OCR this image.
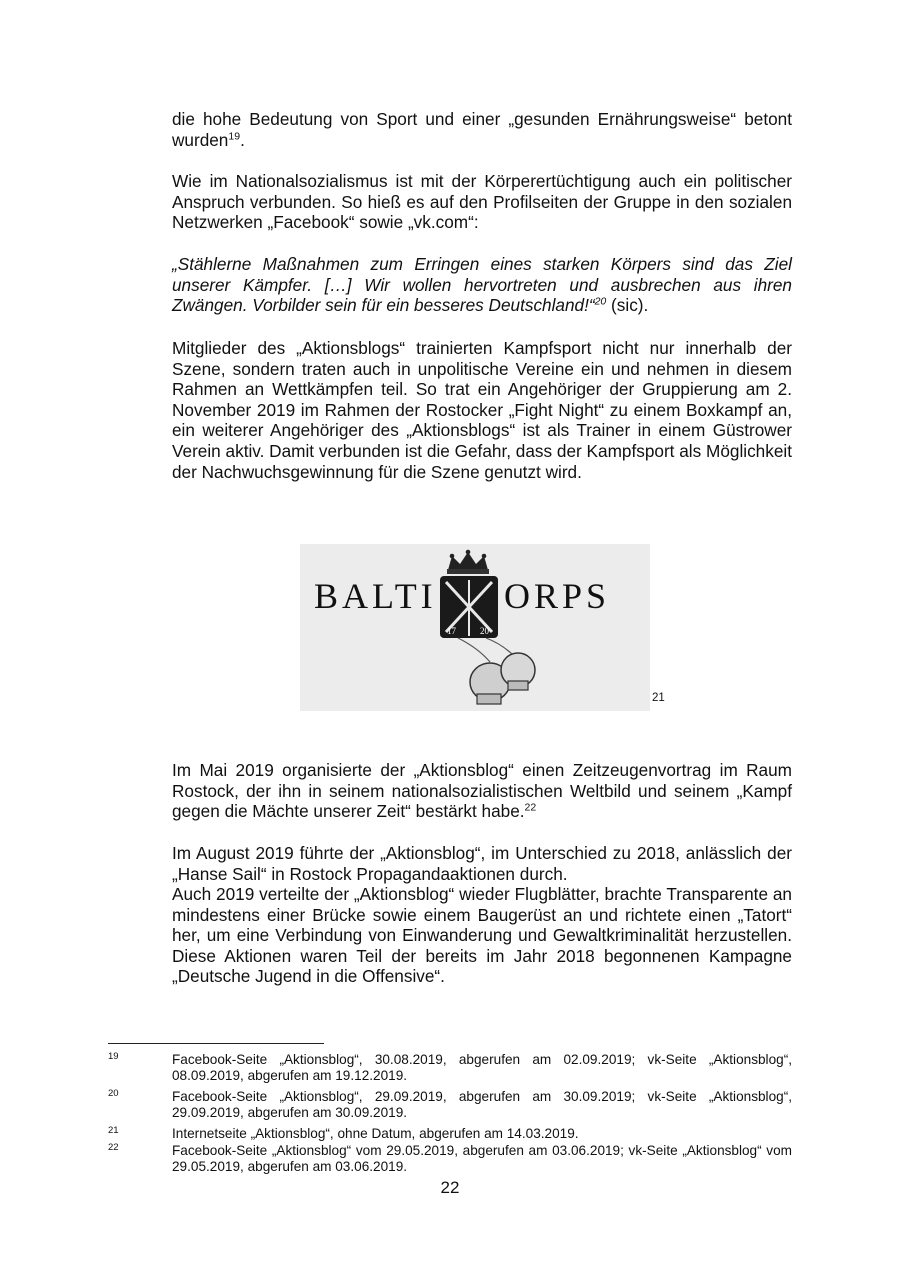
die hohe Bedeutung von Sport und einer „gesunden Ernährungsweise“ betont wurden$^{19}$.

Wie im Nationalsozialismus ist mit der Körperertüchtigung auch ein politischer Anspruch verbunden. So hieß es auf den Profilseiten der Gruppe in den sozialen Netzwerken „Facebook“ sowie „vk.com“:

„Stählerne Maßnahmen zum Erringen eines starken Körpers sind das Ziel unserer Kämpfer. […] Wir wollen hervortreten und ausbrechen aus ihren Zwängen. Vorbilder sein für ein besseres Deutschland!“$^{20}$ (sic).

Mitglieder des „Aktionsblogs“ trainierten Kampfsport nicht nur innerhalb der Szene, sondern traten auch in unpolitische Vereine ein und nehmen in diesem Rahmen an Wettkämpfen teil. So trat ein Angehöriger der Gruppierung am 2. November 2019 im Rahmen der Rostocker „Fight Night“ zu einem Boxkampf an, ein weiterer Angehöriger des „Aktionsblogs“ ist als Trainer in einem Güstrower Verein aktiv. Damit verbunden ist die Gefahr, dass der Kampfsport als Möglichkeit der Nachwuchsgewinnung für die Szene genutzt wird.

BALTI
17	20
ORPS
21

Im Mai 2019 organisierte der „Aktionsblog“ einen Zeitzeugenvortrag im Raum Rostock, der ihn in seinem nationalsozialistischen Weltbild und seinem „Kampf gegen die Mächte unserer Zeit“ bestärkt habe.$^{22}$

Im August 2019 führte der „Aktionsblog“, im Unterschied zu 2018, anlässlich der „Hanse Sail“ in Rostock Propagandaaktionen durch.

Auch 2019 verteilte der „Aktionsblog“ wieder Flugblätter, brachte Transparente an mindestens einer Brücke sowie einem Baugerüst an und richtete einen „Tatort“ her, um eine Verbindung von Einwanderung und Gewaltkriminalität herzustellen. Diese Aktionen waren Teil der bereits im Jahr 2018 begonnenen Kampagne „Deutsche Jugend in die Offensive“.

19	Facebook-Seite „Aktionsblog“, 30.08.2019, abgerufen am 02.09.2019; vk-Seite „Aktionsblog“, 08.09.2019, abgerufen am 19.12.2019.
20	Facebook-Seite „Aktionsblog“, 29.09.2019, abgerufen am 30.09.2019; vk-Seite „Aktionsblog“, 29.09.2019, abgerufen am 30.09.2019.
21	Internetseite „Aktionsblog“, ohne Datum, abgerufen am 14.03.2019.
22	Facebook-Seite „Aktionsblog“ vom 29.05.2019, abgerufen am 03.06.2019; vk-Seite „Aktionsblog“ vom 29.05.2019, abgerufen am 03.06.2019.
22
